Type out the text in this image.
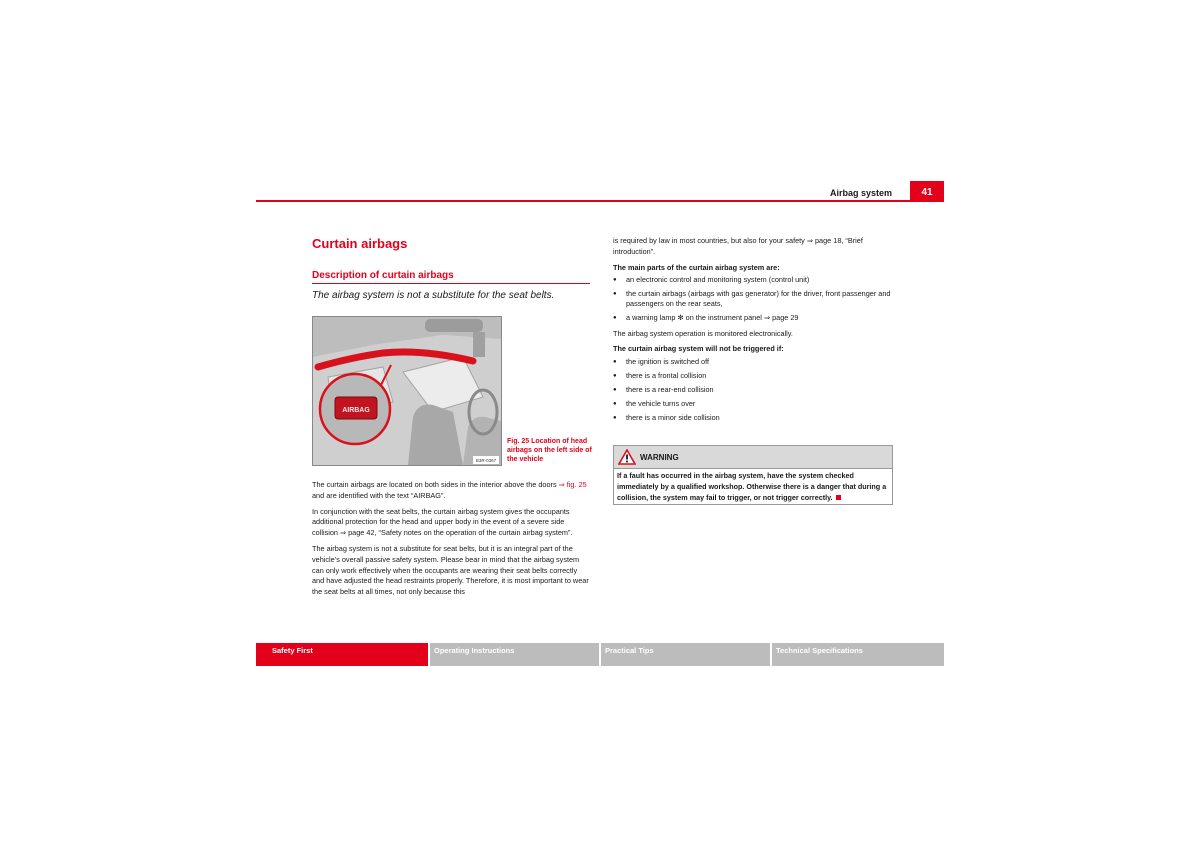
Airbag system	41
Curtain airbags
Description of curtain airbags
The airbag system is not a substitute for the seat belts.
AIRBAG
B3R-0367
Fig. 25 Location of head airbags on the left side of the vehicle

The curtain airbags are located on both sides in the interior above the doors ⇒ fig. 25 and are identified with the text “AIRBAG”.

In conjunction with the seat belts, the curtain airbag system gives the occupants additional protection for the head and upper body in the event of a severe side collision ⇒ page 42, “Safety notes on the operation of the curtain airbag system”.

The airbag system is not a substitute for seat belts, but it is an integral part of the vehicle’s overall passive safety system. Please bear in mind that the airbag system can only work effectively when the occupants are wearing their seat belts correctly and have adjusted the head restraints properly. Therefore, it is most important to wear the seat belts at all times, not only because this

is required by law in most countries, but also for your safety ⇒ page 18, “Brief introduction”.

The main parts of the curtain airbag system are:

● an electronic control and monitoring system (control unit)
● the curtain airbags (airbags with gas generator) for the driver, front passenger and passengers on the rear seats,
● a warning lamp ✻ on the instrument panel ⇒ page 29

The airbag system operation is monitored electronically.

The curtain airbag system will not be triggered if:

● the ignition is switched off
● there is a frontal collision
● there is a rear-end collision
● the vehicle turns over
● there is a minor side collision
WARNING
If a fault has occurred in the airbag system, have the system checked immediately by a qualified workshop. Otherwise there is a danger that during a collision, the system may fail to trigger, or not trigger correctly.
Safety First	Operating Instructions	Practical Tips	Technical Specifications
